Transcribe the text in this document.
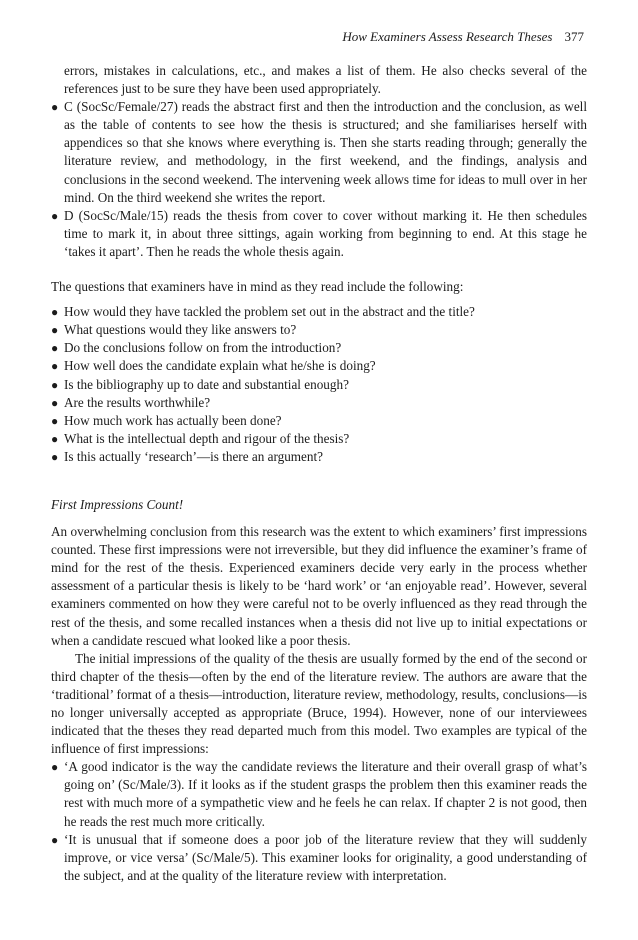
How Examiners Assess Research Theses 377
errors, mistakes in calculations, etc., and makes a list of them. He also checks several of the references just to be sure they have been used appropriately.
● C (SocSc/Female/27) reads the abstract first and then the introduction and the conclusion, as well as the table of contents to see how the thesis is structured; and she familiarises herself with appendices so that she knows where everything is. Then she starts reading through; generally the literature review, and methodology, in the first weekend, and the findings, analysis and conclusions in the second weekend. The intervening week allows time for ideas to mull over in her mind. On the third weekend she writes the report.
● D (SocSc/Male/15) reads the thesis from cover to cover without marking it. He then schedules time to mark it, in about three sittings, again working from beginning to end. At this stage he ‘takes it apart’. Then he reads the whole thesis again.

The questions that examiners have in mind as they read include the following:

● How would they have tackled the problem set out in the abstract and the title?
● What questions would they like answers to?
● Do the conclusions follow on from the introduction?
● How well does the candidate explain what he/she is doing?
● Is the bibliography up to date and substantial enough?
● Are the results worthwhile?
● How much work has actually been done?
● What is the intellectual depth and rigour of the thesis?
● Is this actually ‘research’—is there an argument?

First Impressions Count!

An overwhelming conclusion from this research was the extent to which examiners’ first impressions counted. These first impressions were not irreversible, but they did influence the examiner’s frame of mind for the rest of the thesis. Experienced examiners decide very early in the process whether assessment of a particular thesis is likely to be ‘hard work’ or ‘an enjoyable read’. However, several examiners commented on how they were careful not to be overly influenced as they read through the rest of the thesis, and some recalled instances when a thesis did not live up to initial expectations or when a candidate rescued what looked like a poor thesis.

The initial impressions of the quality of the thesis are usually formed by the end of the second or third chapter of the thesis—often by the end of the literature review. The authors are aware that the ‘traditional’ format of a thesis—introduction, literature review, methodology, results, conclusions—is no longer universally accepted as appropriate (Bruce, 1994). However, none of our interviewees indicated that the theses they read departed much from this model. Two examples are typical of the influence of first impressions:

● ‘A good indicator is the way the candidate reviews the literature and their overall grasp of what’s going on’ (Sc/Male/3). If it looks as if the student grasps the problem then this examiner reads the rest with much more of a sympathetic view and he feels he can relax. If chapter 2 is not good, then he reads the rest much more critically.
● ‘It is unusual that if someone does a poor job of the literature review that they will suddenly improve, or vice versa’ (Sc/Male/5). This examiner looks for originality, a good understanding of the subject, and at the quality of the literature review with interpretation.
